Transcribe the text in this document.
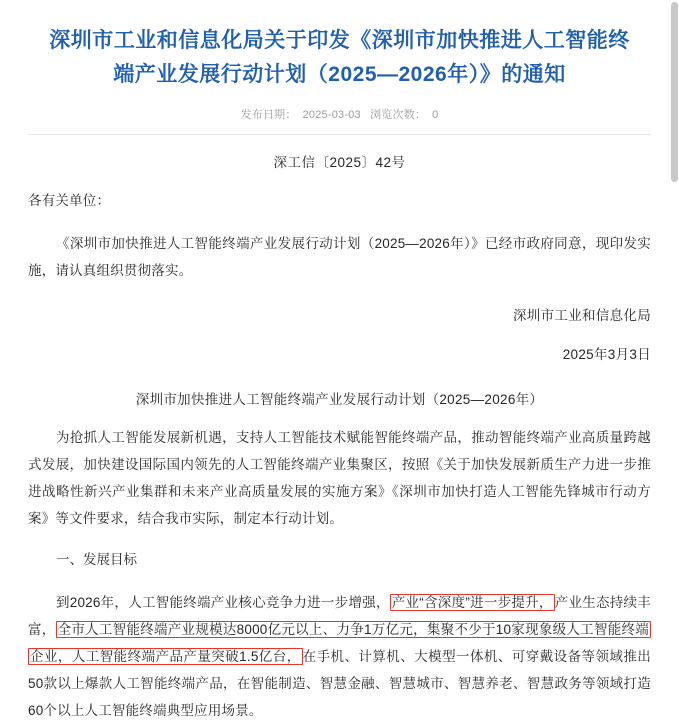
深圳市工业和信息化局关于印发《深圳市加快推进人工智能终端产业发展行动计划（2025—2026年）》的通知
发布日期： 2025-03-03 浏览次数： 0
深工信〔2025〕42号

各有关单位：

《深圳市加快推进人工智能终端产业发展行动计划（2025—2026年）》已经市政府同意，现印发实施，请认真组织贯彻落实。

深圳市工业和信息化局
2025年3月3日
深圳市加快推进人工智能终端产业发展行动计划（2025—2026年）

为抢抓人工智能发展新机遇，支持人工智能技术赋能智能终端产品，推动智能终端产业高质量跨越式发展，加快建设国际国内领先的人工智能终端产业集聚区，按照《关于加快发展新质生产力进一步推进战略性新兴产业集群和未来产业高质量发展的实施方案》《深圳市加快打造人工智能先锋城市行动方案》等文件要求，结合我市实际，制定本行动计划。

一、发展目标

到2026年，人工智能终端产业核心竞争力进一步增强， 产业“含深度”进一步提升， 产业生态持续丰富， 全市人工智能终端产业规模达8000亿元以上、力争1万亿元，集聚不少于10家现象级人工智能终端企业，人工智能终端产品产量突破1.5亿台， 在手机、计算机、大模型一体机、可穿戴设备等领域推出50款以上爆款人工智能终端产品，在智能制造、智慧金融、智慧城市、智慧养老、智慧政务等领域打造60个以上人工智能终端典型应用场景。
